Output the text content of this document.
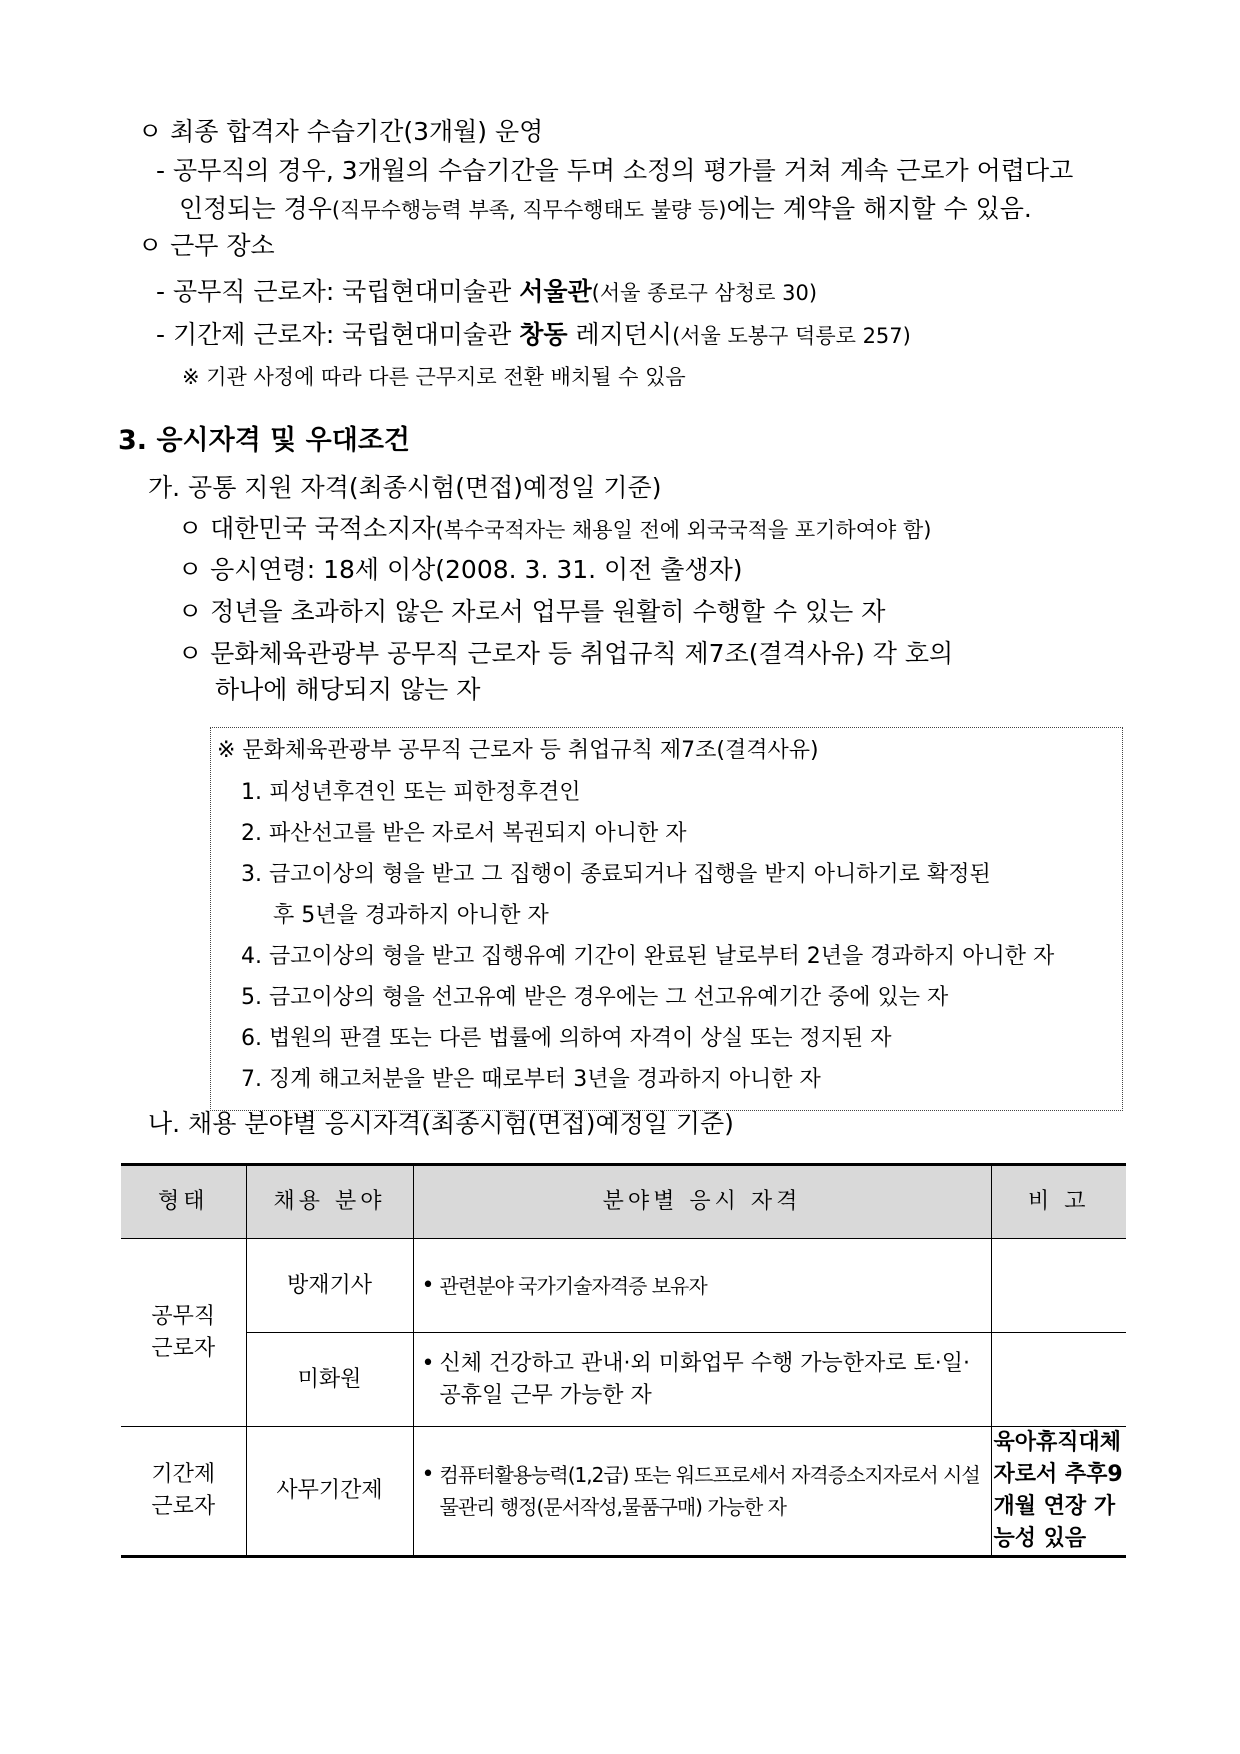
ㅇ 최종 합격자 수습기간(3개월) 운영
- 공무직의 경우, 3개월의 수습기간을 두며 소정의 평가를 거쳐 계속 근로가 어렵다고
인정되는 경우(직무수행능력 부족, 직무수행태도 불량 등)에는 계약을 해지할 수 있음.
ㅇ 근무 장소
- 공무직 근로자: 국립현대미술관 서울관(서울 종로구 삼청로 30)
- 기간제 근로자: 국립현대미술관 창동 레지던시(서울 도봉구 덕릉로 257)
※ 기관 사정에 따라 다른 근무지로 전환 배치될 수 있음
3. 응시자격 및 우대조건
가. 공통 지원 자격(최종시험(면접)예정일 기준)
ㅇ 대한민국 국적소지자(복수국적자는 채용일 전에 외국국적을 포기하여야 함)
ㅇ 응시연령: 18세 이상(2008. 3. 31. 이전 출생자)
ㅇ 정년을 초과하지 않은 자로서 업무를 원활히 수행할 수 있는 자
ㅇ 문화체육관광부 공무직 근로자 등 취업규칙 제7조(결격사유) 각 호의
하나에 해당되지 않는 자
※ 문화체육관광부 공무직 근로자 등 취업규칙 제7조(결격사유)
1. 피성년후견인 또는 피한정후견인
2. 파산선고를 받은 자로서 복권되지 아니한 자
3. 금고이상의 형을 받고 그 집행이 종료되거나 집행을 받지 아니하기로 확정된
후 5년을 경과하지 아니한 자
4. 금고이상의 형을 받고 집행유예 기간이 완료된 날로부터 2년을 경과하지 아니한 자
5. 금고이상의 형을 선고유예 받은 경우에는 그 선고유예기간 중에 있는 자
6. 법원의 판결 또는 다른 법률에 의하여 자격이 상실 또는 정지된 자
7. 징계 해고처분을 받은 때로부터 3년을 경과하지 아니한 자
나. 채용 분야별 응시자격(최종시험(면접)예정일 기준)
형태	채용 분야	분야별 응시 자격	비 고
공무직
근로자	방재기사	• 관련분야 국가기술자격증 보유자	

	미화원	• 신체 건강하고 관내·외 미화업무 수행 가능한자로 토·일·공휴일 근무 가능한 자	

기간제
근로자	사무기간제	• 컴퓨터활용능력(1,2급) 또는 워드프로세서 자격증소지자로서 시설물관리 행정(문서작성,물품구매) 가능한 자	육아휴직대체자로서 추후9개월 연장 가능성 있음
